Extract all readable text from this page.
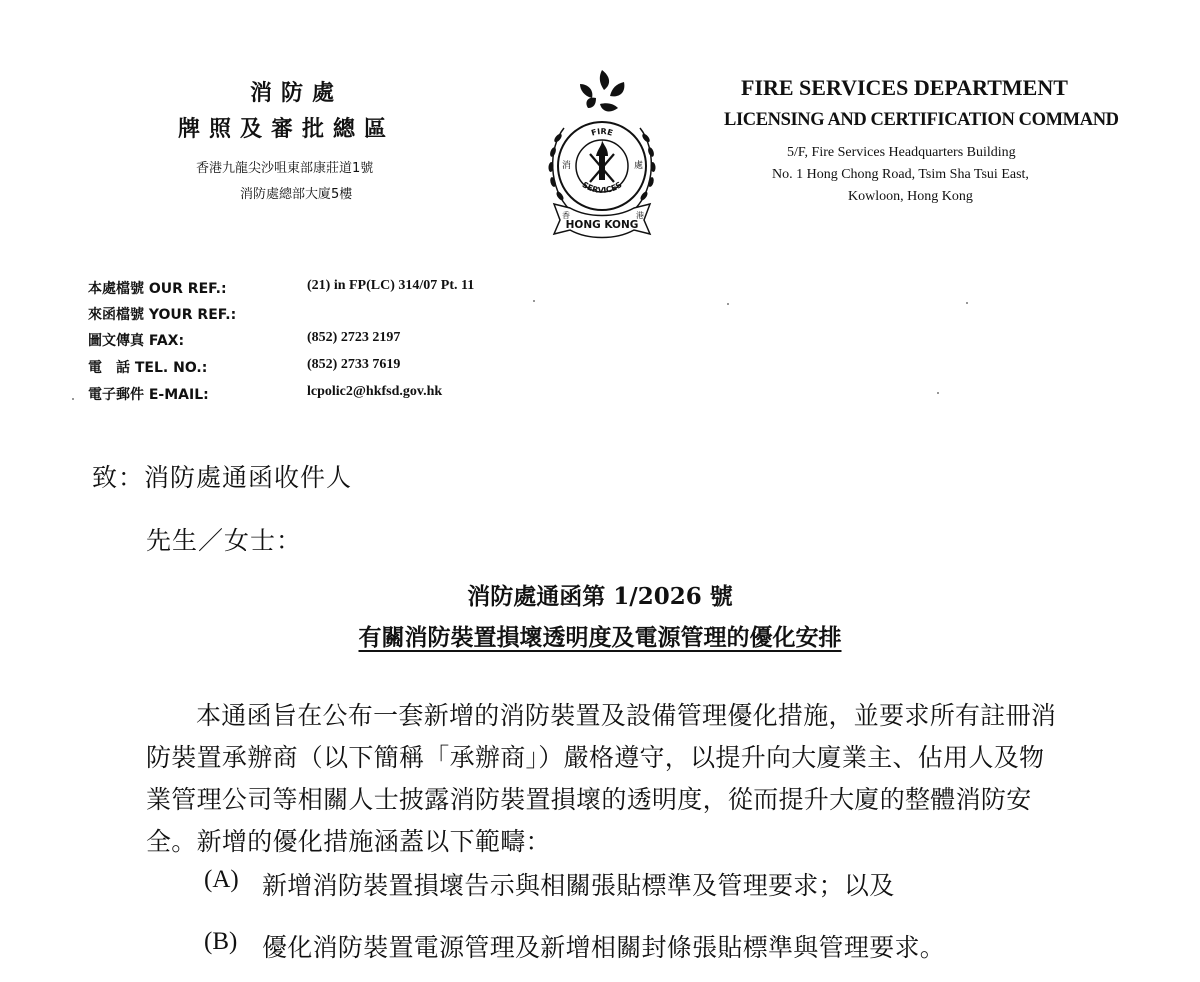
消防處
牌照及審批總區
香港九龍尖沙咀東部康莊道1號
消防處總部大廈5樓
FIRE
SERVICES
消	處
HONG KONG
香	港
FIRE SERVICES DEPARTMENT
LICENSING AND CERTIFICATION COMMAND
5/F, Fire Services Headquarters Building
No. 1 Hong Chong Road, Tsim Sha Tsui East,
Kowloon, Hong Kong
本處檔號 OUR REF.:	(21) in FP(LC) 314/07 Pt. 11
來函檔號 YOUR REF.:
圖文傳真 FAX:	(852) 2723 2197
電　話 TEL. NO.:	(852) 2733 7619
電子郵件 E-MAIL:	lcpolic2@hkfsd.gov.hk
致：消防處通函收件人
先生／女士：
消防處通函第 1/2026 號
有關消防裝置損壞透明度及電源管理的優化安排
本通函旨在公布一套新增的消防裝置及設備管理優化措施，並要求所有註冊消防裝置承辦商（以下簡稱「承辦商」）嚴格遵守，以提升向大廈業主、佔用人及物業管理公司等相關人士披露消防裝置損壞的透明度，從而提升大廈的整體消防安全。新增的優化措施涵蓋以下範疇：
(A) 新增消防裝置損壞告示與相關張貼標準及管理要求；以及
(B) 優化消防裝置電源管理及新增相關封條張貼標準與管理要求。
